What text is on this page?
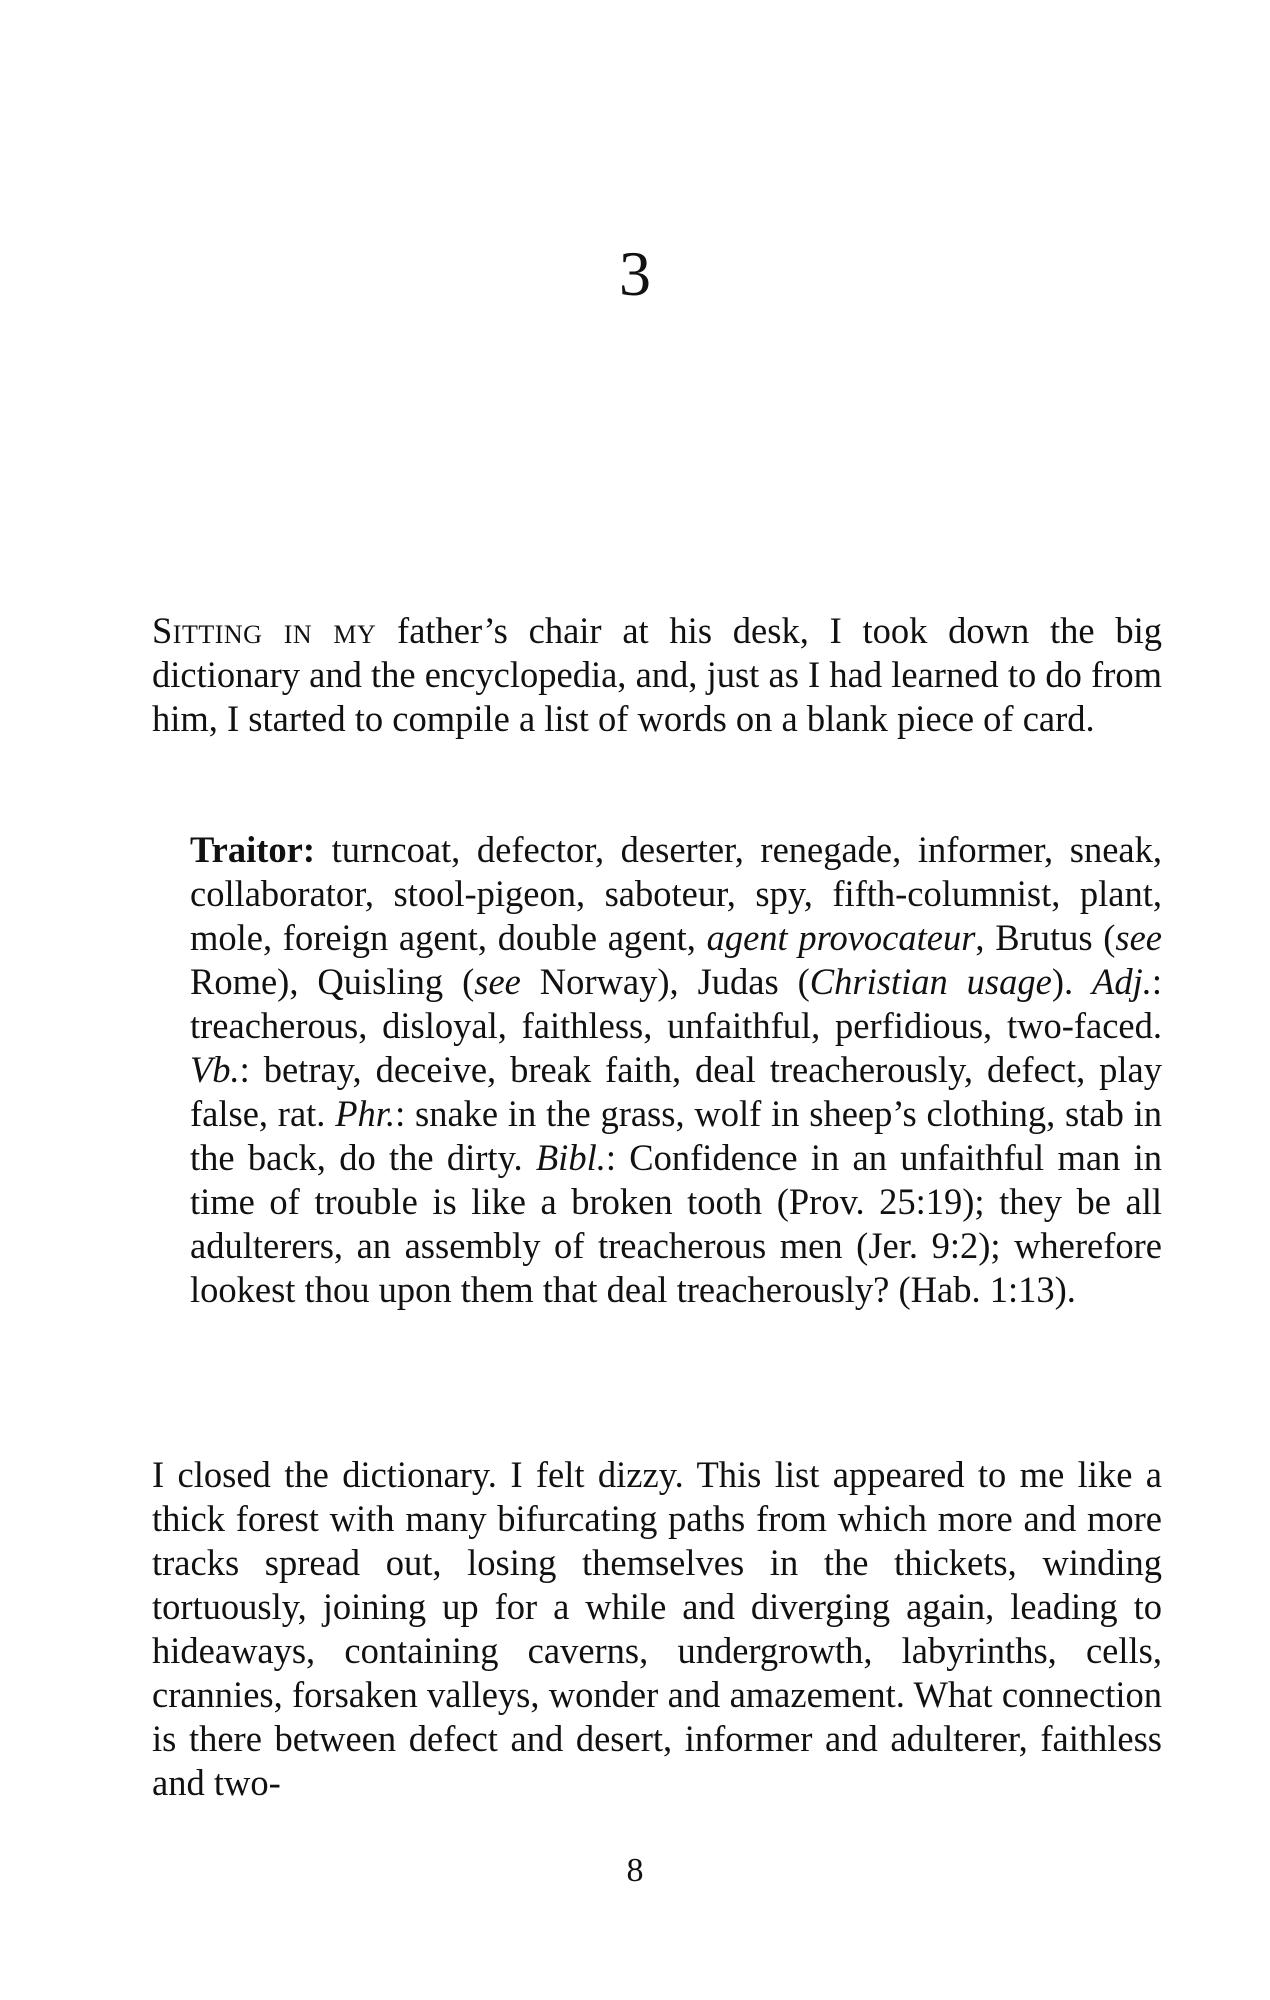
3

Sitting in my father’s chair at his desk, I took down the big dictionary and the encyclopedia, and, just as I had learned to do from him, I started to compile a list of words on a blank piece of card.

Traitor: turncoat, defector, deserter, renegade, informer, sneak, collaborator, stool-pigeon, saboteur, spy, fifth-columnist, plant, mole, foreign agent, double agent, agent provocateur, Brutus (see Rome), Quisling (see Norway), Judas (Christian usage). Adj.: treacherous, disloyal, faithless, unfaithful, perfidious, two-faced. Vb.: betray, deceive, break faith, deal treacherously, defect, play false, rat. Phr.: snake in the grass, wolf in sheep’s clothing, stab in the back, do the dirty. Bibl.: Confidence in an unfaithful man in time of trouble is like a broken tooth (Prov. 25:19); they be all adulterers, an assembly of treacherous men (Jer. 9:2); wherefore lookest thou upon them that deal treacherously? (Hab. 1:13).

I closed the dictionary. I felt dizzy. This list appeared to me like a thick forest with many bifurcating paths from which more and more tracks spread out, losing themselves in the thickets, winding tortuously, joining up for a while and diverging again, leading to hideaways, containing caverns, undergrowth, labyrinths, cells, crannies, forsaken valleys, wonder and amazement. What connection is there between defect and desert, informer and adulterer, faithless and two-

8
